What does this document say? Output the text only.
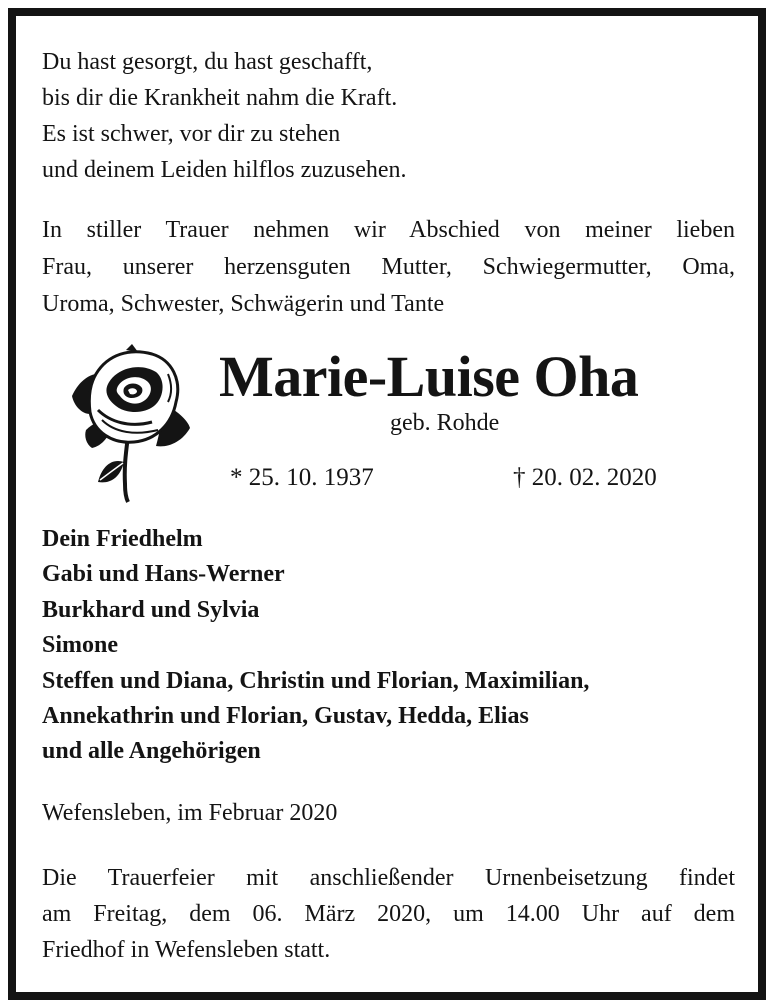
Du hast gesorgt, du hast geschafft,
bis dir die Krankheit nahm die Kraft.
Es ist schwer, vor dir zu stehen
und deinem Leiden hilflos zuzusehen.
In stiller Trauer nehmen wir Abschied von meiner lieben
Frau, unserer herzensguten Mutter, Schwiegermutter, Oma,
Uroma, Schwester, Schwägerin und Tante
Marie-Luise Oha
geb. Rohde
* 25. 10. 1937	† 20. 02. 2020
Dein Friedhelm
Gabi und Hans-Werner
Burkhard und Sylvia
Simone
Steffen und Diana, Christin und Florian, Maximilian,
Annekathrin und Florian, Gustav, Hedda, Elias
und alle Angehörigen
Wefensleben, im Februar 2020
Die Trauerfeier mit anschließender Urnenbeisetzung findet
am Freitag, dem 06. März 2020, um 14.00 Uhr auf dem
Friedhof in Wefensleben statt.
